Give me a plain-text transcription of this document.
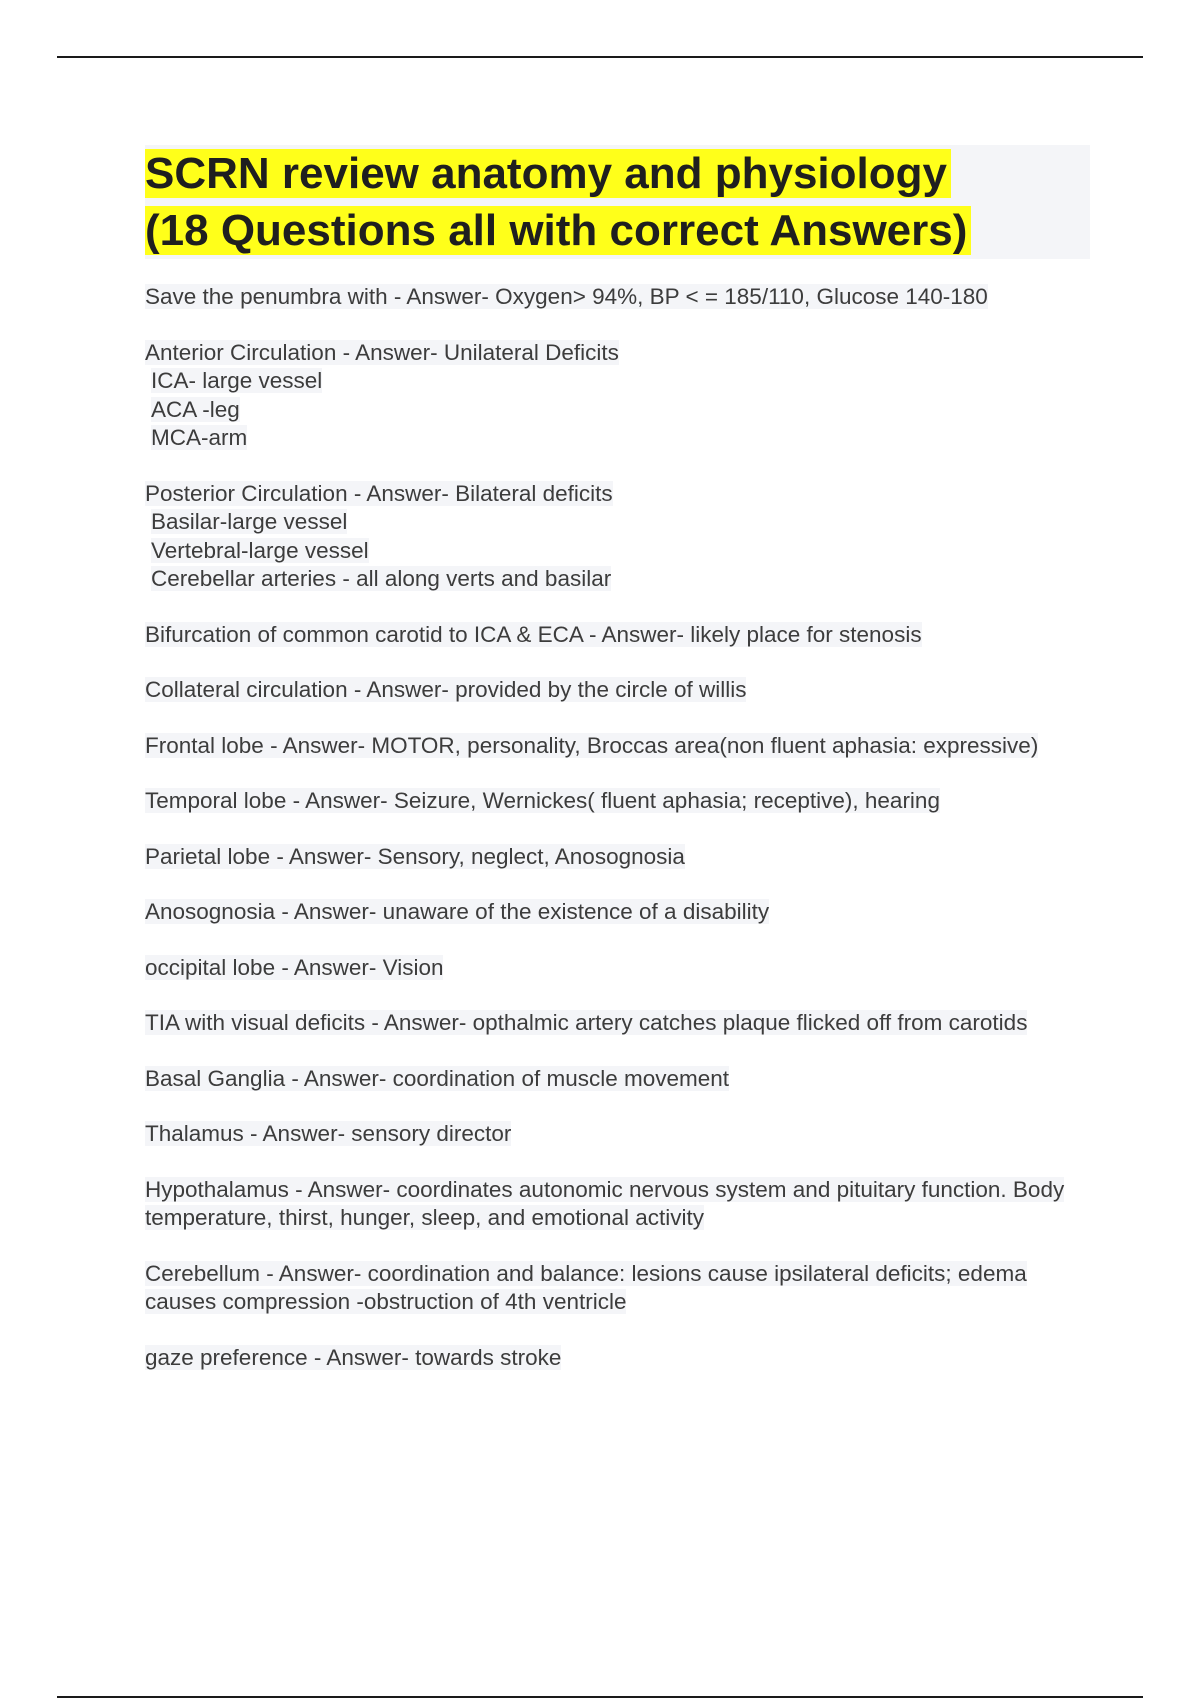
SCRN review anatomy and physiology
(18 Questions all with correct Answers)

Save the penumbra with - Answer- Oxygen> 94%, BP < = 185/110, Glucose 140-180

Anterior Circulation - Answer- Unilateral Deficits
ICA- large vessel
ACA -leg
MCA-arm

Posterior Circulation - Answer- Bilateral deficits
Basilar-large vessel
Vertebral-large vessel
Cerebellar arteries - all along verts and basilar

Bifurcation of common carotid to ICA & ECA - Answer- likely place for stenosis

Collateral circulation - Answer- provided by the circle of willis

Frontal lobe - Answer- MOTOR, personality, Broccas area(non fluent aphasia: expressive)

Temporal lobe - Answer- Seizure, Wernickes( fluent aphasia; receptive), hearing

Parietal lobe - Answer- Sensory, neglect, Anosognosia

Anosognosia - Answer- unaware of the existence of a disability

occipital lobe - Answer- Vision

TIA with visual deficits - Answer- opthalmic artery catches plaque flicked off from carotids

Basal Ganglia - Answer- coordination of muscle movement

Thalamus - Answer- sensory director

Hypothalamus - Answer- coordinates autonomic nervous system and pituitary function. Body temperature, thirst, hunger, sleep, and emotional activity

Cerebellum - Answer- coordination and balance: lesions cause ipsilateral deficits; edema causes compression -obstruction of 4th ventricle

gaze preference - Answer- towards stroke
